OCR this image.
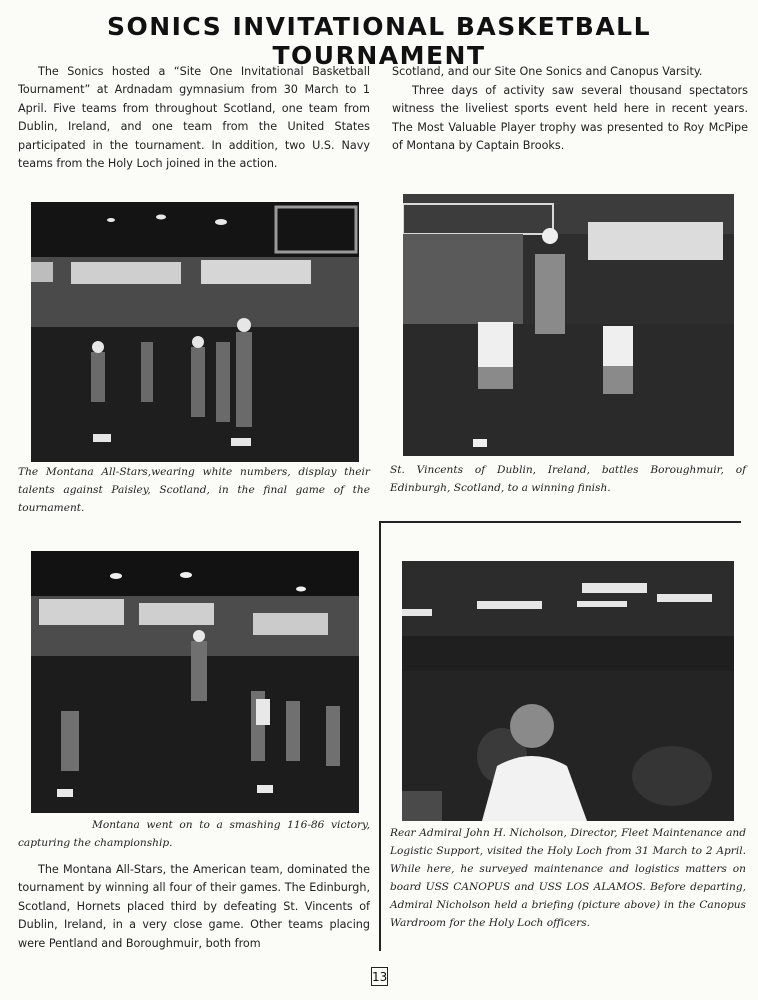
SONICS INVITATIONAL BASKETBALL TOURNAMENT

The Sonics hosted a “Site One Invitational Basketball Tournament” at Ardnadam gymnasium from 30 March to 1 April. Five teams from throughout Scotland, one team from Dublin, Ireland, and one team from the United States participated in the tournament. In addition, two U.S. Navy teams from the Holy Loch joined in the action.

Scotland, and our Site One Sonics and Canopus Varsity.

Three days of activity saw several thousand spectators witness the liveliest sports event held here in recent years. The Most Valuable Player trophy was presented to Roy McPipe of Montana by Captain Brooks.

The Montana All-Stars,wearing white numbers, display their talents against Paisley, Scotland, in the final game of the tournament.

St. Vincents of Dublin, Ireland, battles Boroughmuir, of Edinburgh, Scotland, to a winning finish.

Montana went on to a smashing 116-86 victory, capturing the championship.

The Montana All-Stars, the American team, dominated the tournament by winning all four of their games. The Edinburgh, Scotland, Hornets placed third by defeating St. Vincents of Dublin, Ireland, in a very close game. Other teams placing were Pentland and Boroughmuir, both from

Rear Admiral John H. Nicholson, Director, Fleet Maintenance and Logistic Support, visited the Holy Loch from 31 March to 2 April. While here, he surveyed maintenance and logistics matters on board USS CANOPUS and USS LOS ALAMOS. Before departing, Admiral Nicholson held a briefing (picture above) in the Canopus Wardroom for the Holy Loch officers.

13
